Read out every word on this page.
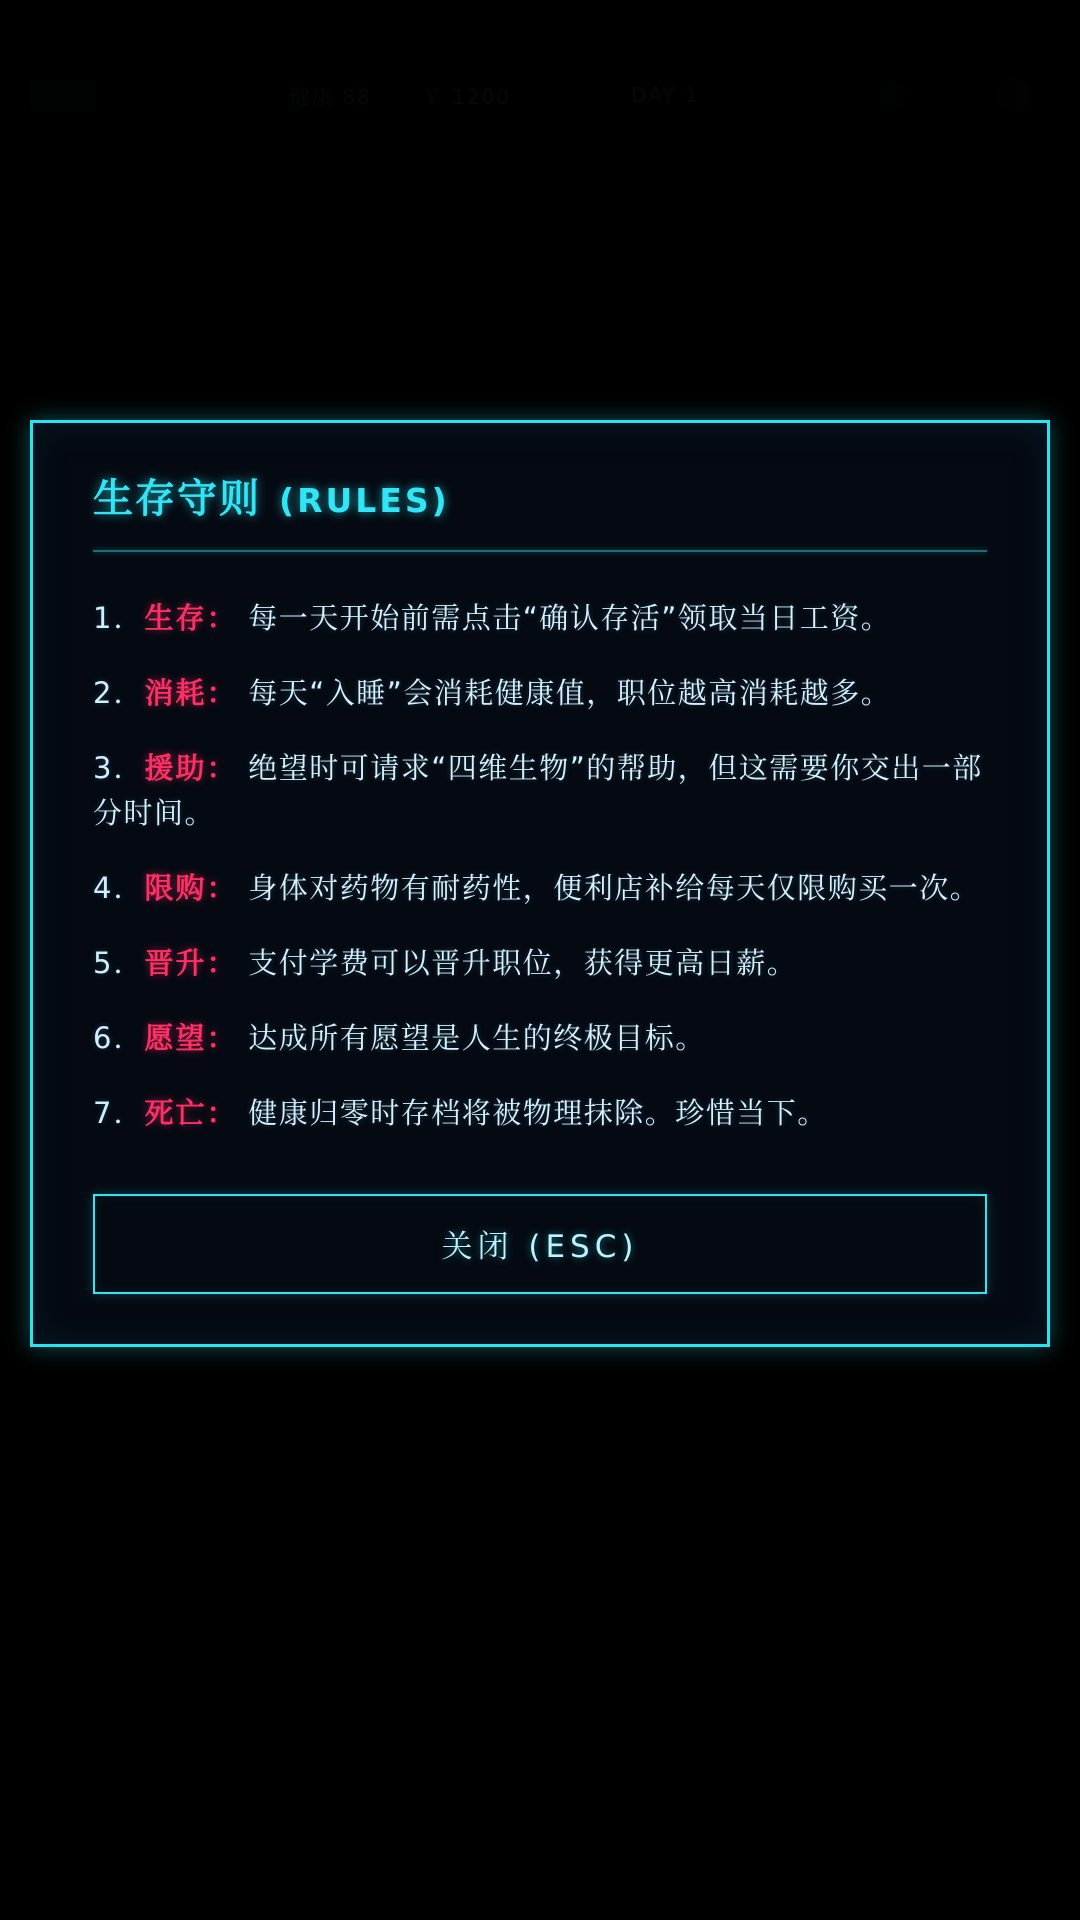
生存守则 (RULES)
1．生存： 每一天开始前需点击“确认存活”领取当日工资。
2．消耗： 每天“入睡”会消耗健康值，职位越高消耗越多。
3．援助： 绝望时可请求“四维生物”的帮助，但这需要你交出一部分时间。
4．限购： 身体对药物有耐药性，便利店补给每天仅限购买一次。
5．晋升： 支付学费可以晋升职位，获得更高日薪。
6．愿望： 达成所有愿望是人生的终极目标。
7．死亡： 健康归零时存档将被物理抹除。珍惜当下。
关闭 (ESC)
